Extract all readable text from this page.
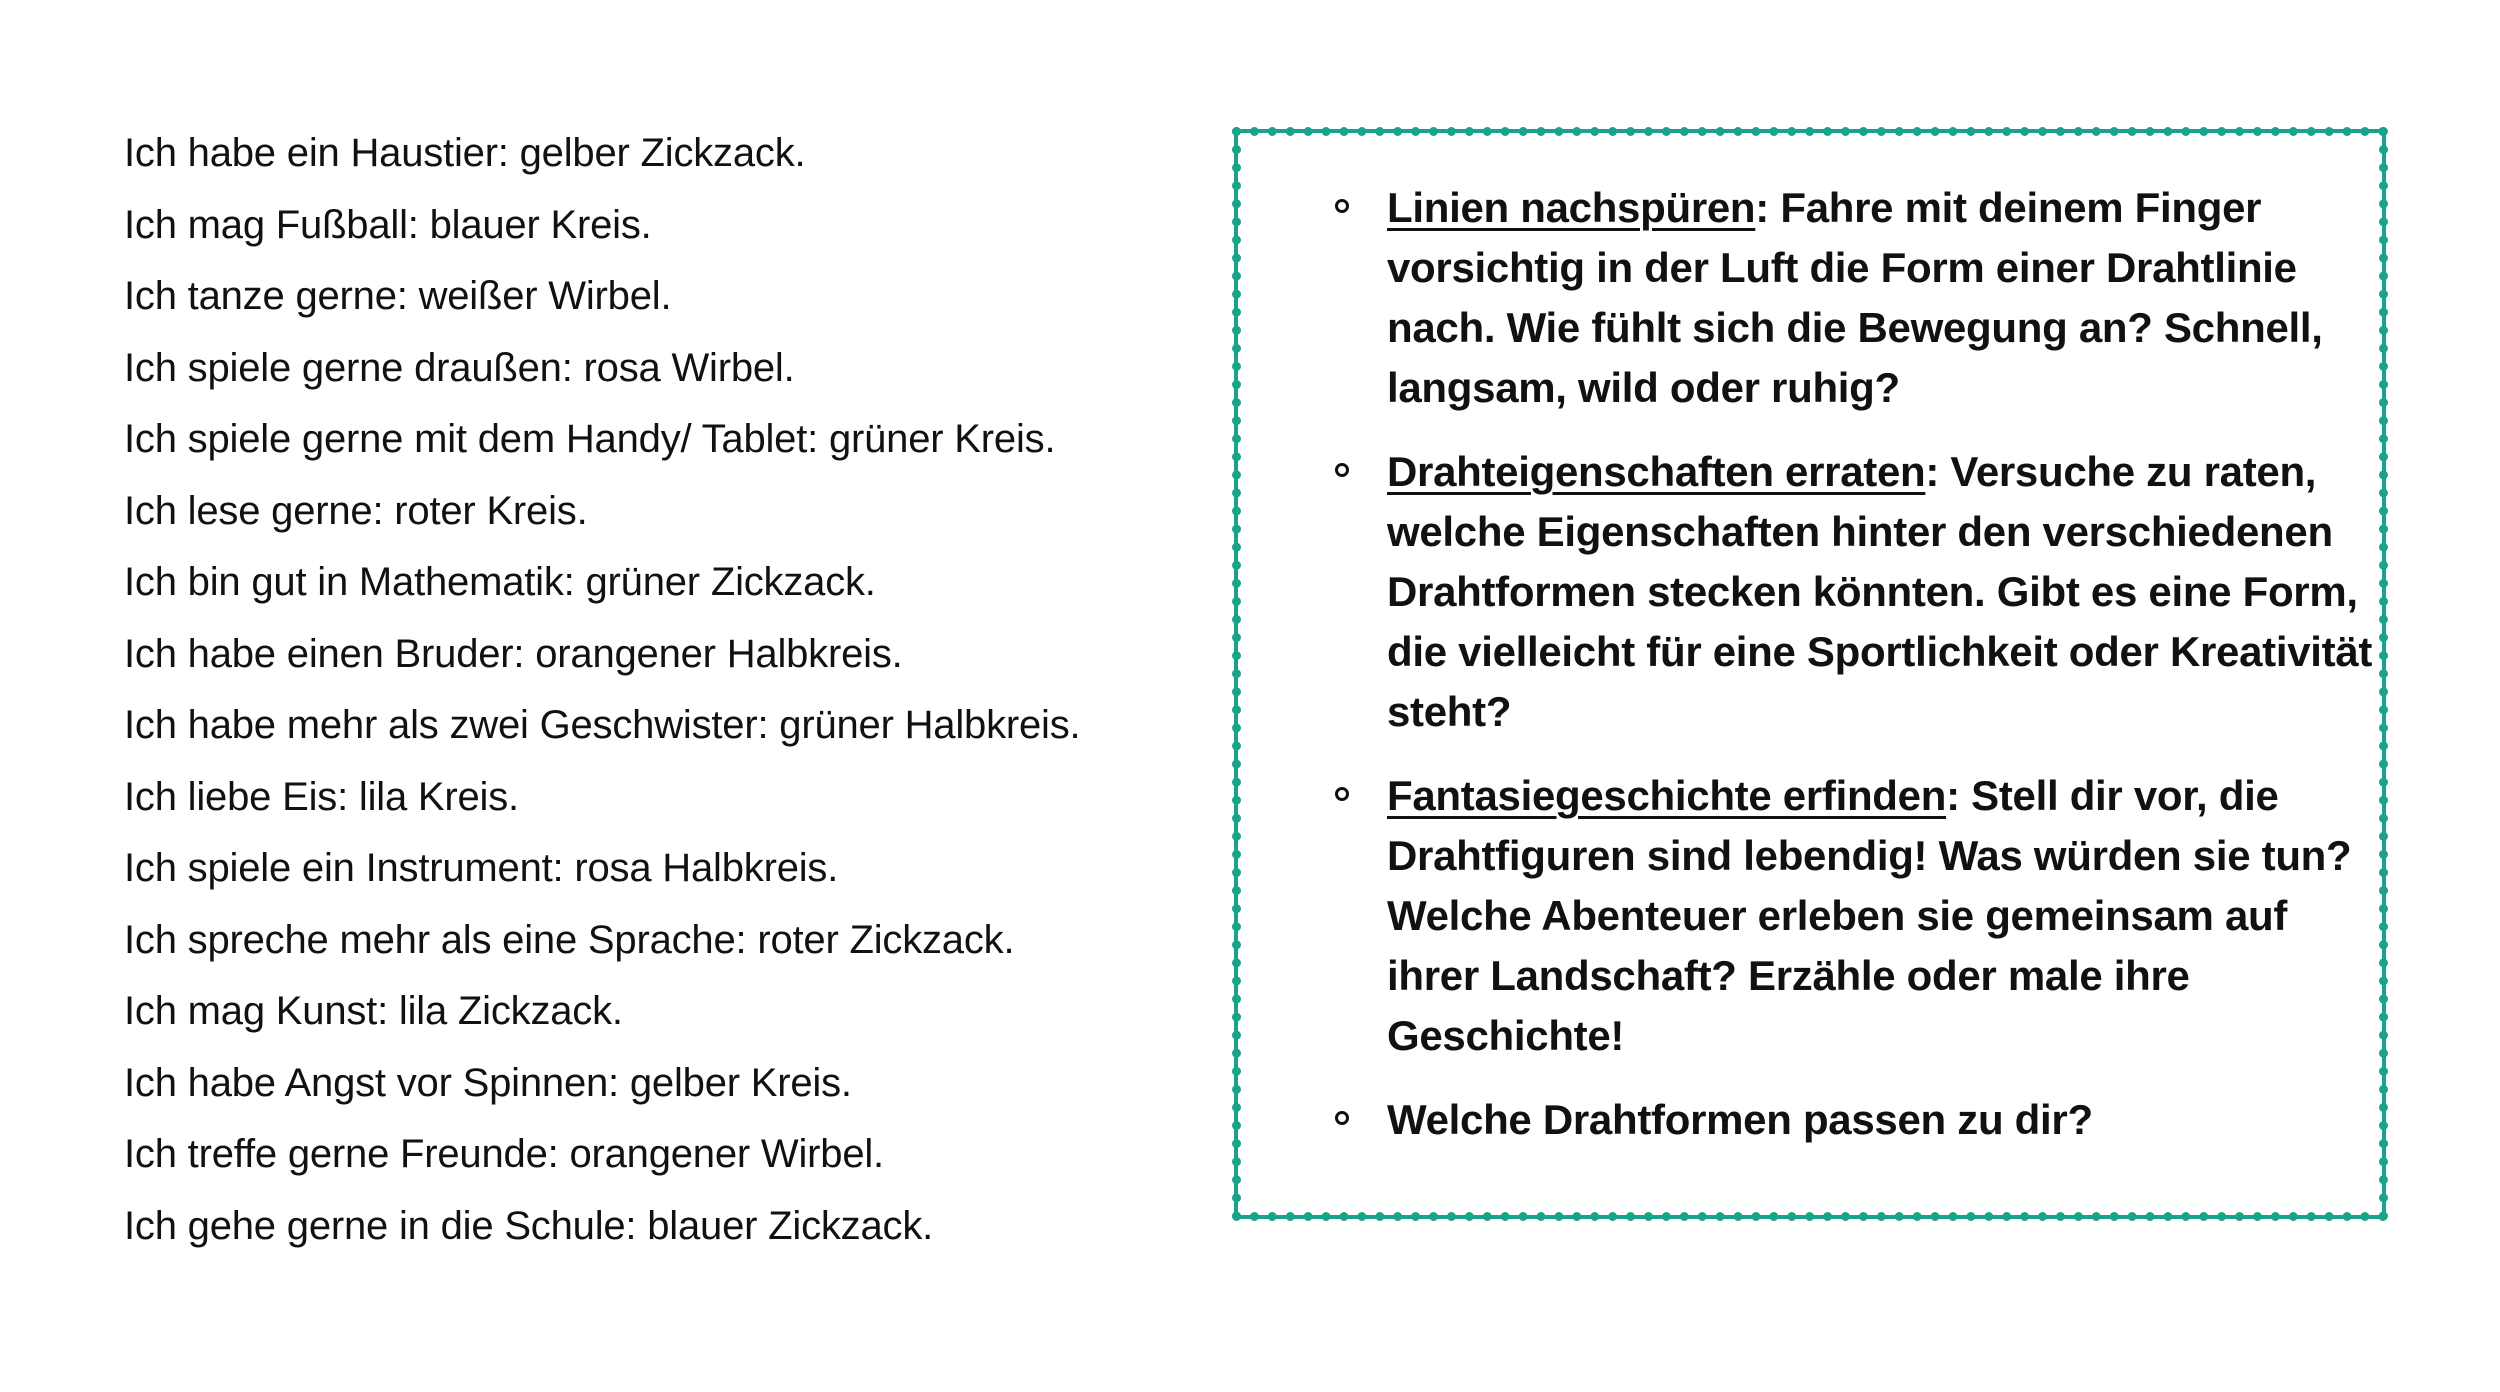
Ich habe ein Haustier: gelber Zickzack.
Ich mag Fußball: blauer Kreis.
Ich tanze gerne: weißer Wirbel.
Ich spiele gerne draußen: rosa Wirbel.
Ich spiele gerne mit dem Handy/ Tablet: grüner Kreis.
Ich lese gerne: roter Kreis.
Ich bin gut in Mathematik: grüner Zickzack.
Ich habe einen Bruder: orangener Halbkreis.
Ich habe mehr als zwei Geschwister: grüner Halbkreis.
Ich liebe Eis: lila Kreis.
Ich spiele ein Instrument: rosa Halbkreis.
Ich spreche mehr als eine Sprache: roter Zickzack.
Ich mag Kunst: lila Zickzack.
Ich habe Angst vor Spinnen: gelber Kreis.
Ich treffe gerne Freunde: orangener Wirbel.
Ich gehe gerne in die Schule: blauer Zickzack.
Linien nachspüren: Fahre mit deinem Finger vorsichtig in der Luft die Form einer Drahtlinie nach. Wie fühlt sich die Bewegung an? Schnell, langsam, wild oder ruhig?
Drahteigenschaften erraten: Versuche zu raten, welche Eigenschaften hinter den verschiedenen Drahtformen stecken könnten. Gibt es eine Form, die vielleicht für eine Sportlichkeit oder Kreativität steht?
Fantasiegeschichte erfinden: Stell dir vor, die Drahtfiguren sind lebendig! Was würden sie tun? Welche Abenteuer erleben sie gemeinsam auf ihrer Landschaft? Erzähle oder male ihre Geschichte!
Welche Drahtformen passen zu dir?
